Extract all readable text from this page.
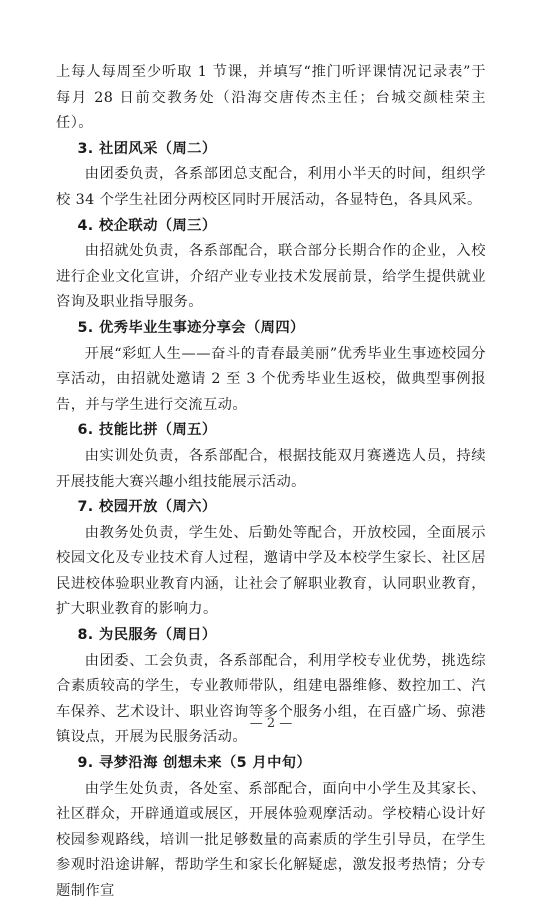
上每人每周至少听取 1 节课，并填写“推门听评课情况记录表”于每月 28 日前交教务处（沿海交唐传杰主任；台城交颜桂荣主任）。

3. 社团风采（周二）

由团委负责，各系部团总支配合，利用小半天的时间，组织学校 34 个学生社团分两校区同时开展活动，各显特色，各具风采。

4. 校企联动（周三）

由招就处负责，各系部配合，联合部分长期合作的企业，入校进行企业文化宣讲，介绍产业专业技术发展前景，给学生提供就业咨询及职业指导服务。

5. 优秀毕业生事迹分享会（周四）

开展“彩虹人生——奋斗的青春最美丽”优秀毕业生事迹校园分享活动，由招就处邀请 2 至 3 个优秀毕业生返校，做典型事例报告，并与学生进行交流互动。

6. 技能比拼（周五）

由实训处负责，各系部配合，根据技能双月赛遴选人员，持续开展技能大赛兴趣小组技能展示活动。

7. 校园开放（周六）

由教务处负责，学生处、后勤处等配合，开放校园，全面展示校园文化及专业技术育人过程，邀请中学及本校学生家长、社区居民进校体验职业教育内涵，让社会了解职业教育，认同职业教育，扩大职业教育的影响力。

8. 为民服务（周日）

由团委、工会负责，各系部配合，利用学校专业优势，挑选综合素质较高的学生，专业教师带队，组建电器维修、数控加工、汽车保养、艺术设计、职业咨询等多个服务小组，在百盛广场、弶港镇设点，开展为民服务活动。

9. 寻梦沿海 创想未来（5 月中旬）

由学生处负责，各处室、系部配合，面向中小学生及其家长、社区群众，开辟通道或展区，开展体验观摩活动。学校精心设计好校园参观路线，培训一批足够数量的高素质的学生引导员，在学生参观时沿途讲解，帮助学生和家长化解疑虑，激发报考热情；分专题制作宣

— 2 —
